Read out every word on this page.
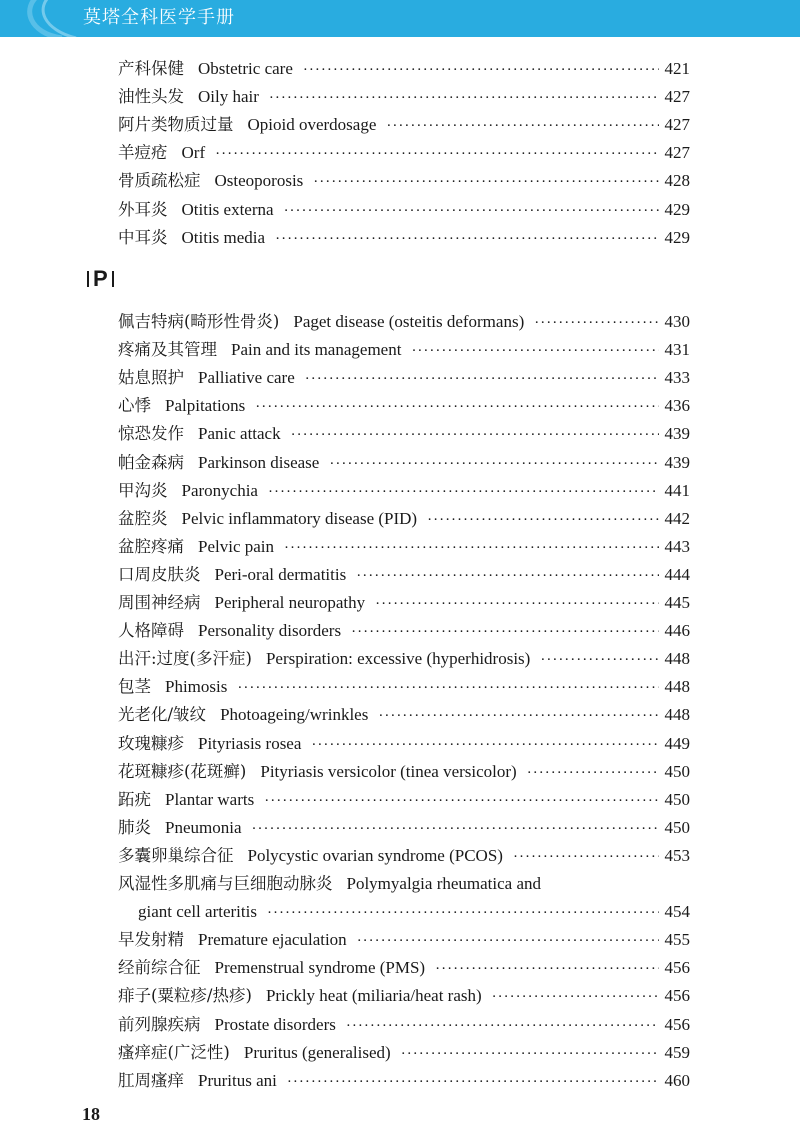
莫塔全科医学手册
产科保健 Obstetric care ·····	421
油性头发 Oily hair ·····	427
阿片类物质过量 Opioid overdosage ·····	427
羊痘疮 Orf ·····	427
骨质疏松症 Osteoporosis ·····	428
外耳炎 Otitis externa ·····	429
中耳炎 Otitis media ·····	429
佩吉特病(畸形性骨炎) Paget disease (osteitis deformans) ·····	430
疼痛及其管理 Pain and its management ·····	431
姑息照护 Palliative care ·····	433
心悸 Palpitations ·····	436
惊恐发作 Panic attack ·····	439
帕金森病 Parkinson disease ·····	439
甲沟炎 Paronychia ·····	441
盆腔炎 Pelvic inflammatory disease (PID) ·····	442
盆腔疼痛 Pelvic pain ·····	443
口周皮肤炎 Peri-oral dermatitis ·····	444
周围神经病 Peripheral neuropathy ·····	445
人格障碍 Personality disorders ·····	446
出汗:过度(多汗症) Perspiration: excessive (hyperhidrosis) ·····	448
包茎 Phimosis ·····	448
光老化/皱纹 Photoageing/wrinkles ·····	448
玫瑰糠疹 Pityriasis rosea ·····	449
花斑糠疹(花斑癣) Pityriasis versicolor (tinea versicolor) ·····	450
跖疣 Plantar warts ·····	450
肺炎 Pneumonia ·····	450
多囊卵巢综合征 Polycystic ovarian syndrome (PCOS) ·····	453
风湿性多肌痛与巨细胞动脉炎 Polymyalgia rheumatica and
giant cell arteritis ·····	454
早发射精 Premature ejaculation ·····	455
经前综合征 Premenstrual syndrome (PMS) ·····	456
痱子(粟粒疹/热疹) Prickly heat (miliaria/heat rash) ·····	456
前列腺疾病 Prostate disorders ·····	456
瘙痒症(广泛性) Pruritus (generalised) ·····	459
肛周瘙痒 Pruritus ani ·····	460
P
18
